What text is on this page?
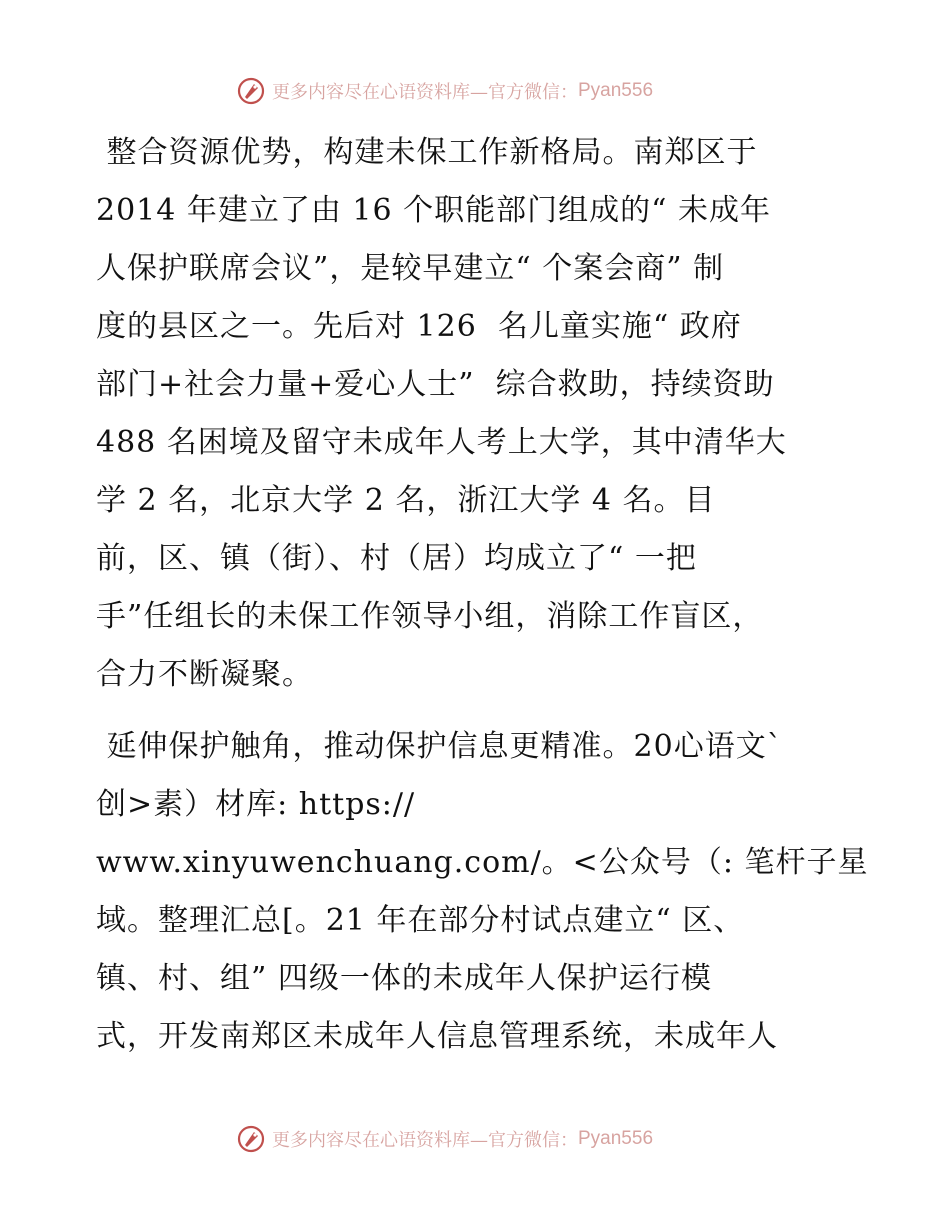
更多内容尽在心语资料库—官方微信： Pyan556
整合资源优势，构建未保工作新格局。南郑区于
2014 年建立了由 16 个职能部门组成的“ 未成年
人保护联席会议”，是较早建立“ 个案会商” 制
度的县区之一。先后对 126  名儿童实施“ 政府
部门+社会力量+爱心人士”  综合救助，持续资助
488 名困境及留守未成年人考上大学，其中清华大
学 2 名，北京大学 2 名，浙江大学 4 名。目
前，区、镇（街）、村（居）均成立了“ 一把
手”任组长的未保工作领导小组，消除工作盲区，
合力不断凝聚。
延伸保护触角，推动保护信息更精准。20心语文`
创>素）材库: https://
www.xinyuwenchuang.com/。<公众号（: 笔杆子星
域。整理汇总[。21 年在部分村试点建立“ 区、
镇、村、组” 四级一体的未成年人保护运行模
式，开发南郑区未成年人信息管理系统，未成年人
更多内容尽在心语资料库—官方微信： Pyan556
